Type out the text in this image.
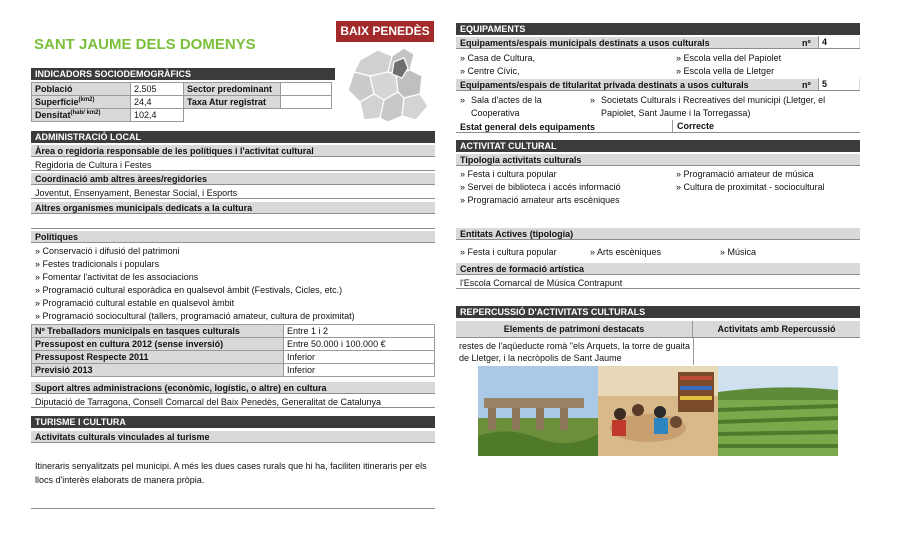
SANT JAUME DELS DOMENYS
BAIX PENEDÈS
INDICADORS SOCIODEMOGRÀFICS
Població	2.505	Sector predominant	
Superfície$^{(km2)}$	24,4	Taxa Atur registrat	
Densitat$^{(hab/ km2)}$	102,4		
ADMINISTRACIÓ LOCAL
Àrea o regidoria responsable de les polítiques i l'activitat cultural
Regidoria de Cultura i Festes
Coordinació amb altres àrees/regidories
Joventut, Ensenyament, Benestar Social, i Esports
Altres organismes municipals dedicats a la cultura
Polítiques
» Conservació i difusió del patrimoni
» Festes tradicionals i populars
» Fomentar l'activitat de les associacions
» Programació cultural esporàdica en qualsevol àmbit (Festivals, Cicles, etc.)
» Programació cultural estable en qualsevol àmbit
» Programació sociocultural (tallers, programació amateur, cultura de proximitat)
Nº Treballadors municipals en tasques culturals	Entre 1 i 2
Pressupost en cultura 2012 (sense inversió)	Entre 50.000 i 100.000 €
Pressupost Respecte 2011	Inferior
Previsió 2013	Inferior
Suport altres administracions (econòmic, logístic, o altre) en cultura
Diputació de Tarragona, Consell Comarcal del Baix Penedès, Generalitat de Catalunya
TURISME I CULTURA
Activitats culturals vinculades al turisme
Itineraris senyalitzats pel municipi. A més les dues cases rurals que hi ha, faciliten itineraris per els llocs d'interès elaborats de manera pròpia.
EQUIPAMENTS
Equipaments/espais municipals destinats a usos culturals	nº	4
» Casa de Cultura,
» Centre Cívic,
» Escola vella del Papiolet
» Escola vella de Lletger
Equipaments/espais de titularitat privada destinats a usos culturals	nº	5
» Sala d'actes de la Cooperativa
» Societats Culturals i Recreatives del municipi (Lletger, el Papiolet, Sant Jaume i la Torregassa)
Estat general dels equipaments	Correcte
ACTIVITAT CULTURAL
Tipologia activitats culturals
» Festa i cultura popular
» Servei de biblioteca i accés informació
» Programació amateur arts escèniques
» Programació amateur de música
» Cultura de proximitat - sociocultural
Entitats Actives (tipologia)
» Festa i cultura popular	» Arts escèniques	» Música
Centres de formació artística
l'Escola Comarcal de Música Contrapunt
REPERCUSSIÓ D'ACTIVITATS CULTURALS
Elements de patrimoni destacats	Activitats amb Repercussió
restes de l'aqüeducte romà "els Arquets, la torre de guaita de Lletger, i la necròpolis de Sant Jaume
